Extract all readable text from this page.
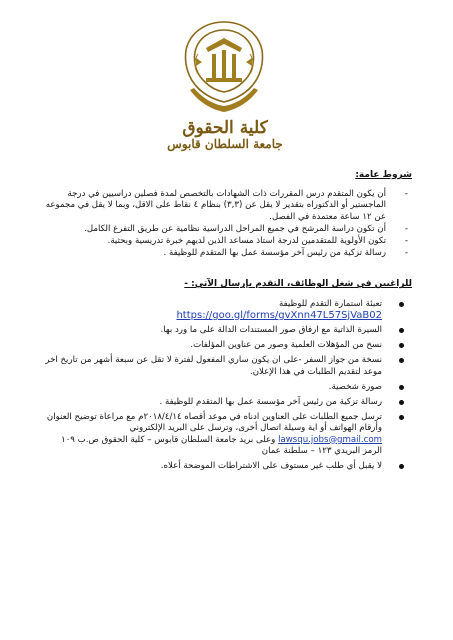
كلية الحقوق
جامعة السلطان قابوس
شروط عامة:
- أن يكون المتقدم درس المقررات ذات الشهادات بالتخصص لمدة فصلين دراسيين في درجة الماجستير أو الدكتوراه بتقدير لا يقل عن (٣,٣) بنظام ٤ نقاط على الاقل، وبما لا يقل في مجموعه عن ١٢ ساعة معتمدة في الفصل.
- أن تكون دراسة المرشح في جميع المراحل الدراسية نظامية عن طريق التفرغ الكامل.
- تكون الأولوية للمتقدمين لدرجة استاذ مساعد الذين لديهم خبرة تدريسية وبحثية.
- رسالة تزكية من رئيس آخر مؤسسة عمل بها المتقدم للوظيفة .
للراغبين في شغل الوظائف، التقدم بإرسال الآتي: -
تعبئة استمارة التقدم للوظيفة
https://goo.gl/forms/gvXnn47L57SjVaB02
السيرة الذاتية مع ارفاق صور المستندات الدالة على ما ورد بها.
نسخ من المؤهلات العلمية وصور من عناوين المؤلفات.
نسخة من جواز السفر -على ان يكون ساري المفعول لفترة لا تقل عن سبعة أشهر من تاريخ اخر موعد لتقديم الطلبات في هذا الإعلان.
صورة شخصية.
رسالة تزكية من رئيس آخر مؤسسة عمل بها المتقدم للوظيفة .
ترسل جميع الطلبات على العناوين ادناه في موعد أقصاه ٢٠١٨/٤/١٤م مع مراعاة توضيح العنوان وأرقام الهواتف أو اية وسيلة اتصال أخرى، وترسل على البريد الإلكتروني lawsqu.jobs@gmail.com وعلى بريد جامعة السلطان قابوس – كلية الحقوق ص.ب ١٠٩ الرمز البريدي ١٢٣ – سلطنة عمان
لا يقبل أي طلب غير مستوف على الاشتراطات الموضحة أعلاه.
